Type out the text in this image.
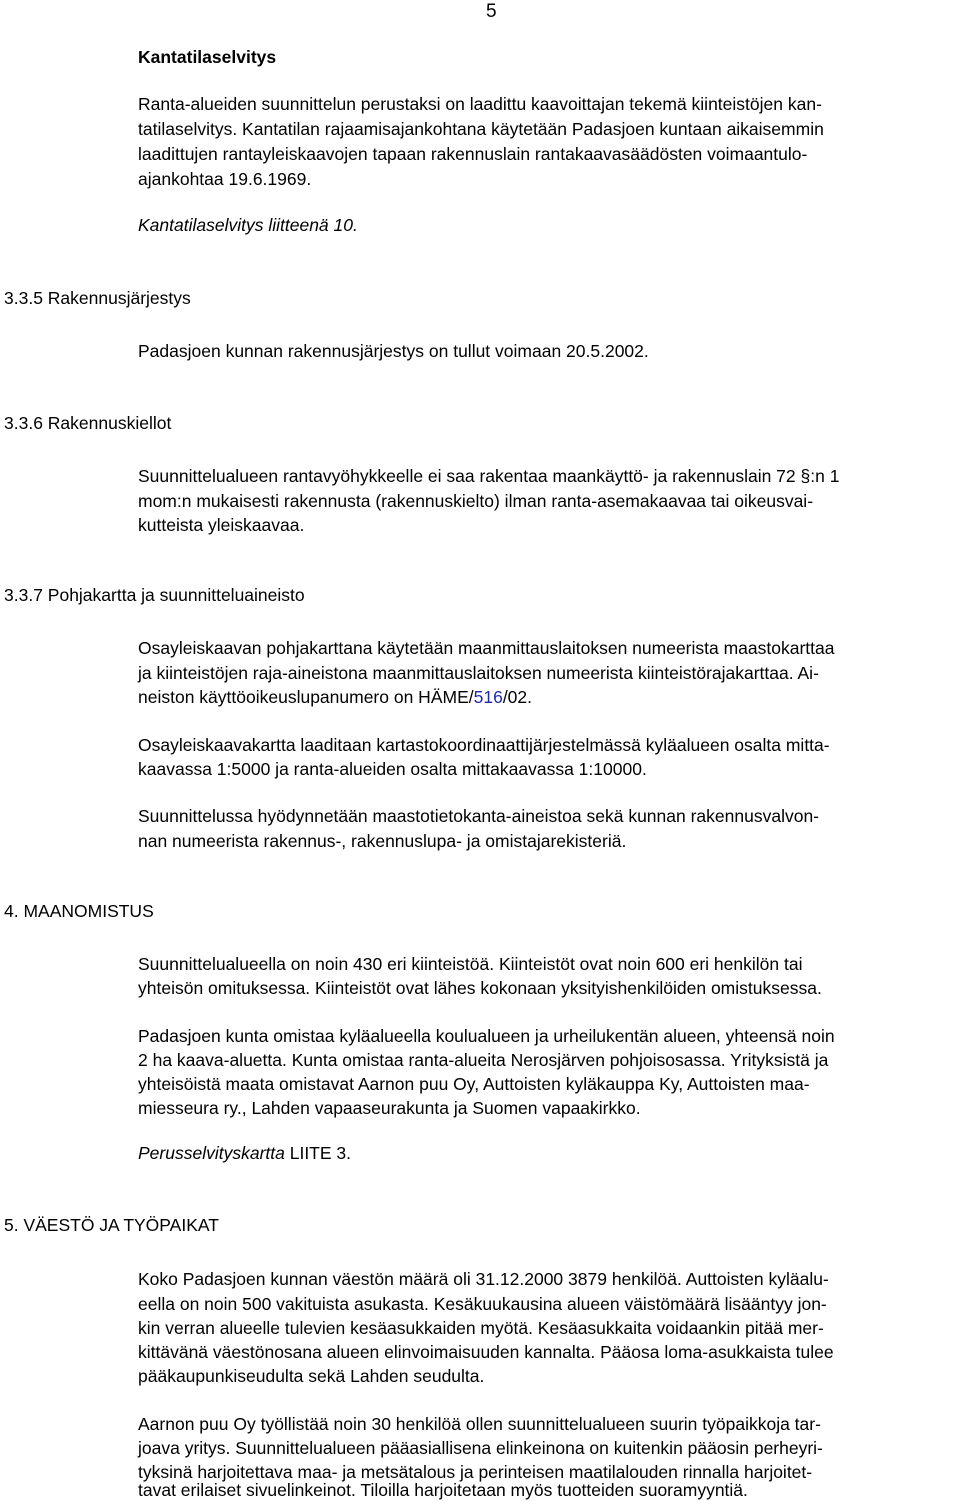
5
Kantatilaselvitys
Ranta-alueiden suunnittelun perustaksi on laadittu kaavoittajan tekemä kiinteistöjen kan-
tatilaselvitys. Kantatilan rajaamisajankohtana käytetään Padasjoen kuntaan aikaisemmin
laadittujen rantayleiskaavojen tapaan rakennuslain rantakaavasäädösten voimaantulo-
ajankohtaa 19.6.1969.
Kantatilaselvitys liitteenä 10.
3.3.5 Rakennusjärjestys
Padasjoen kunnan rakennusjärjestys on tullut voimaan 20.5.2002.
3.3.6 Rakennuskiellot
Suunnittelualueen rantavyöhykkeelle ei saa rakentaa maankäyttö- ja rakennuslain 72 §:n 1
mom:n mukaisesti rakennusta (rakennuskielto) ilman ranta-asemakaavaa tai oikeusvai-
kutteista yleiskaavaa.
3.3.7 Pohjakartta ja suunnitteluaineisto
Osayleiskaavan pohjakarttana käytetään maanmittauslaitoksen numeerista maastokarttaa
ja kiinteistöjen raja-aineistona maanmittauslaitoksen numeerista kiinteistörajakarttaa. Ai-
neiston käyttöoikeuslupanumero on HÄME/516/02.
Osayleiskaavakartta laaditaan kartastokoordinaattijärjestelmässä kyläalueen osalta mitta-
kaavassa 1:5000 ja ranta-alueiden osalta mittakaavassa 1:10000.
Suunnittelussa hyödynnetään maastotietokanta-aineistoa sekä kunnan rakennusvalvon-
nan numeerista rakennus-, rakennuslupa- ja omistajarekisteriä.
4. MAANOMISTUS
Suunnittelualueella on noin 430 eri kiinteistöä. Kiinteistöt ovat noin 600 eri henkilön tai
yhteisön omituksessa. Kiinteistöt ovat lähes kokonaan yksityishenkilöiden omistuksessa.
Padasjoen kunta omistaa kyläalueella koulualueen ja urheilukentän alueen, yhteensä noin
2 ha kaava-aluetta. Kunta omistaa ranta-alueita Nerosjärven pohjoisosassa. Yrityksistä ja
yhteisöistä maata omistavat Aarnon puu Oy, Auttoisten kyläkauppa Ky, Auttoisten maa-
miesseura ry., Lahden vapaaseurakunta ja Suomen vapaakirkko.
Perusselvityskartta LIITE 3.
5. VÄESTÖ JA TYÖPAIKAT
Koko Padasjoen kunnan väestön määrä oli 31.12.2000 3879 henkilöä. Auttoisten kyläalu-
eella on noin 500 vakituista asukasta. Kesäkuukausina alueen väistömäärä lisääntyy jon-
kin verran alueelle tulevien kesäasukkaiden myötä. Kesäasukkaita voidaankin pitää mer-
kittävänä väestönosana alueen elinvoimaisuuden kannalta. Pääosa loma-asukkaista tulee
pääkaupunkiseudulta sekä Lahden seudulta.
Aarnon puu Oy työllistää noin 30 henkilöä ollen suunnittelualueen suurin työpaikkoja tar-
joava yritys. Suunnittelualueen pääasiallisena elinkeinona on kuitenkin pääosin perheyri-
tyksinä harjoitettava maa- ja metsätalous ja perinteisen maatilalouden rinnalla harjoitet-
tavat erilaiset sivuelinkeinot. Tiloilla harjoitetaan myös tuotteiden suoramyyntiä.
